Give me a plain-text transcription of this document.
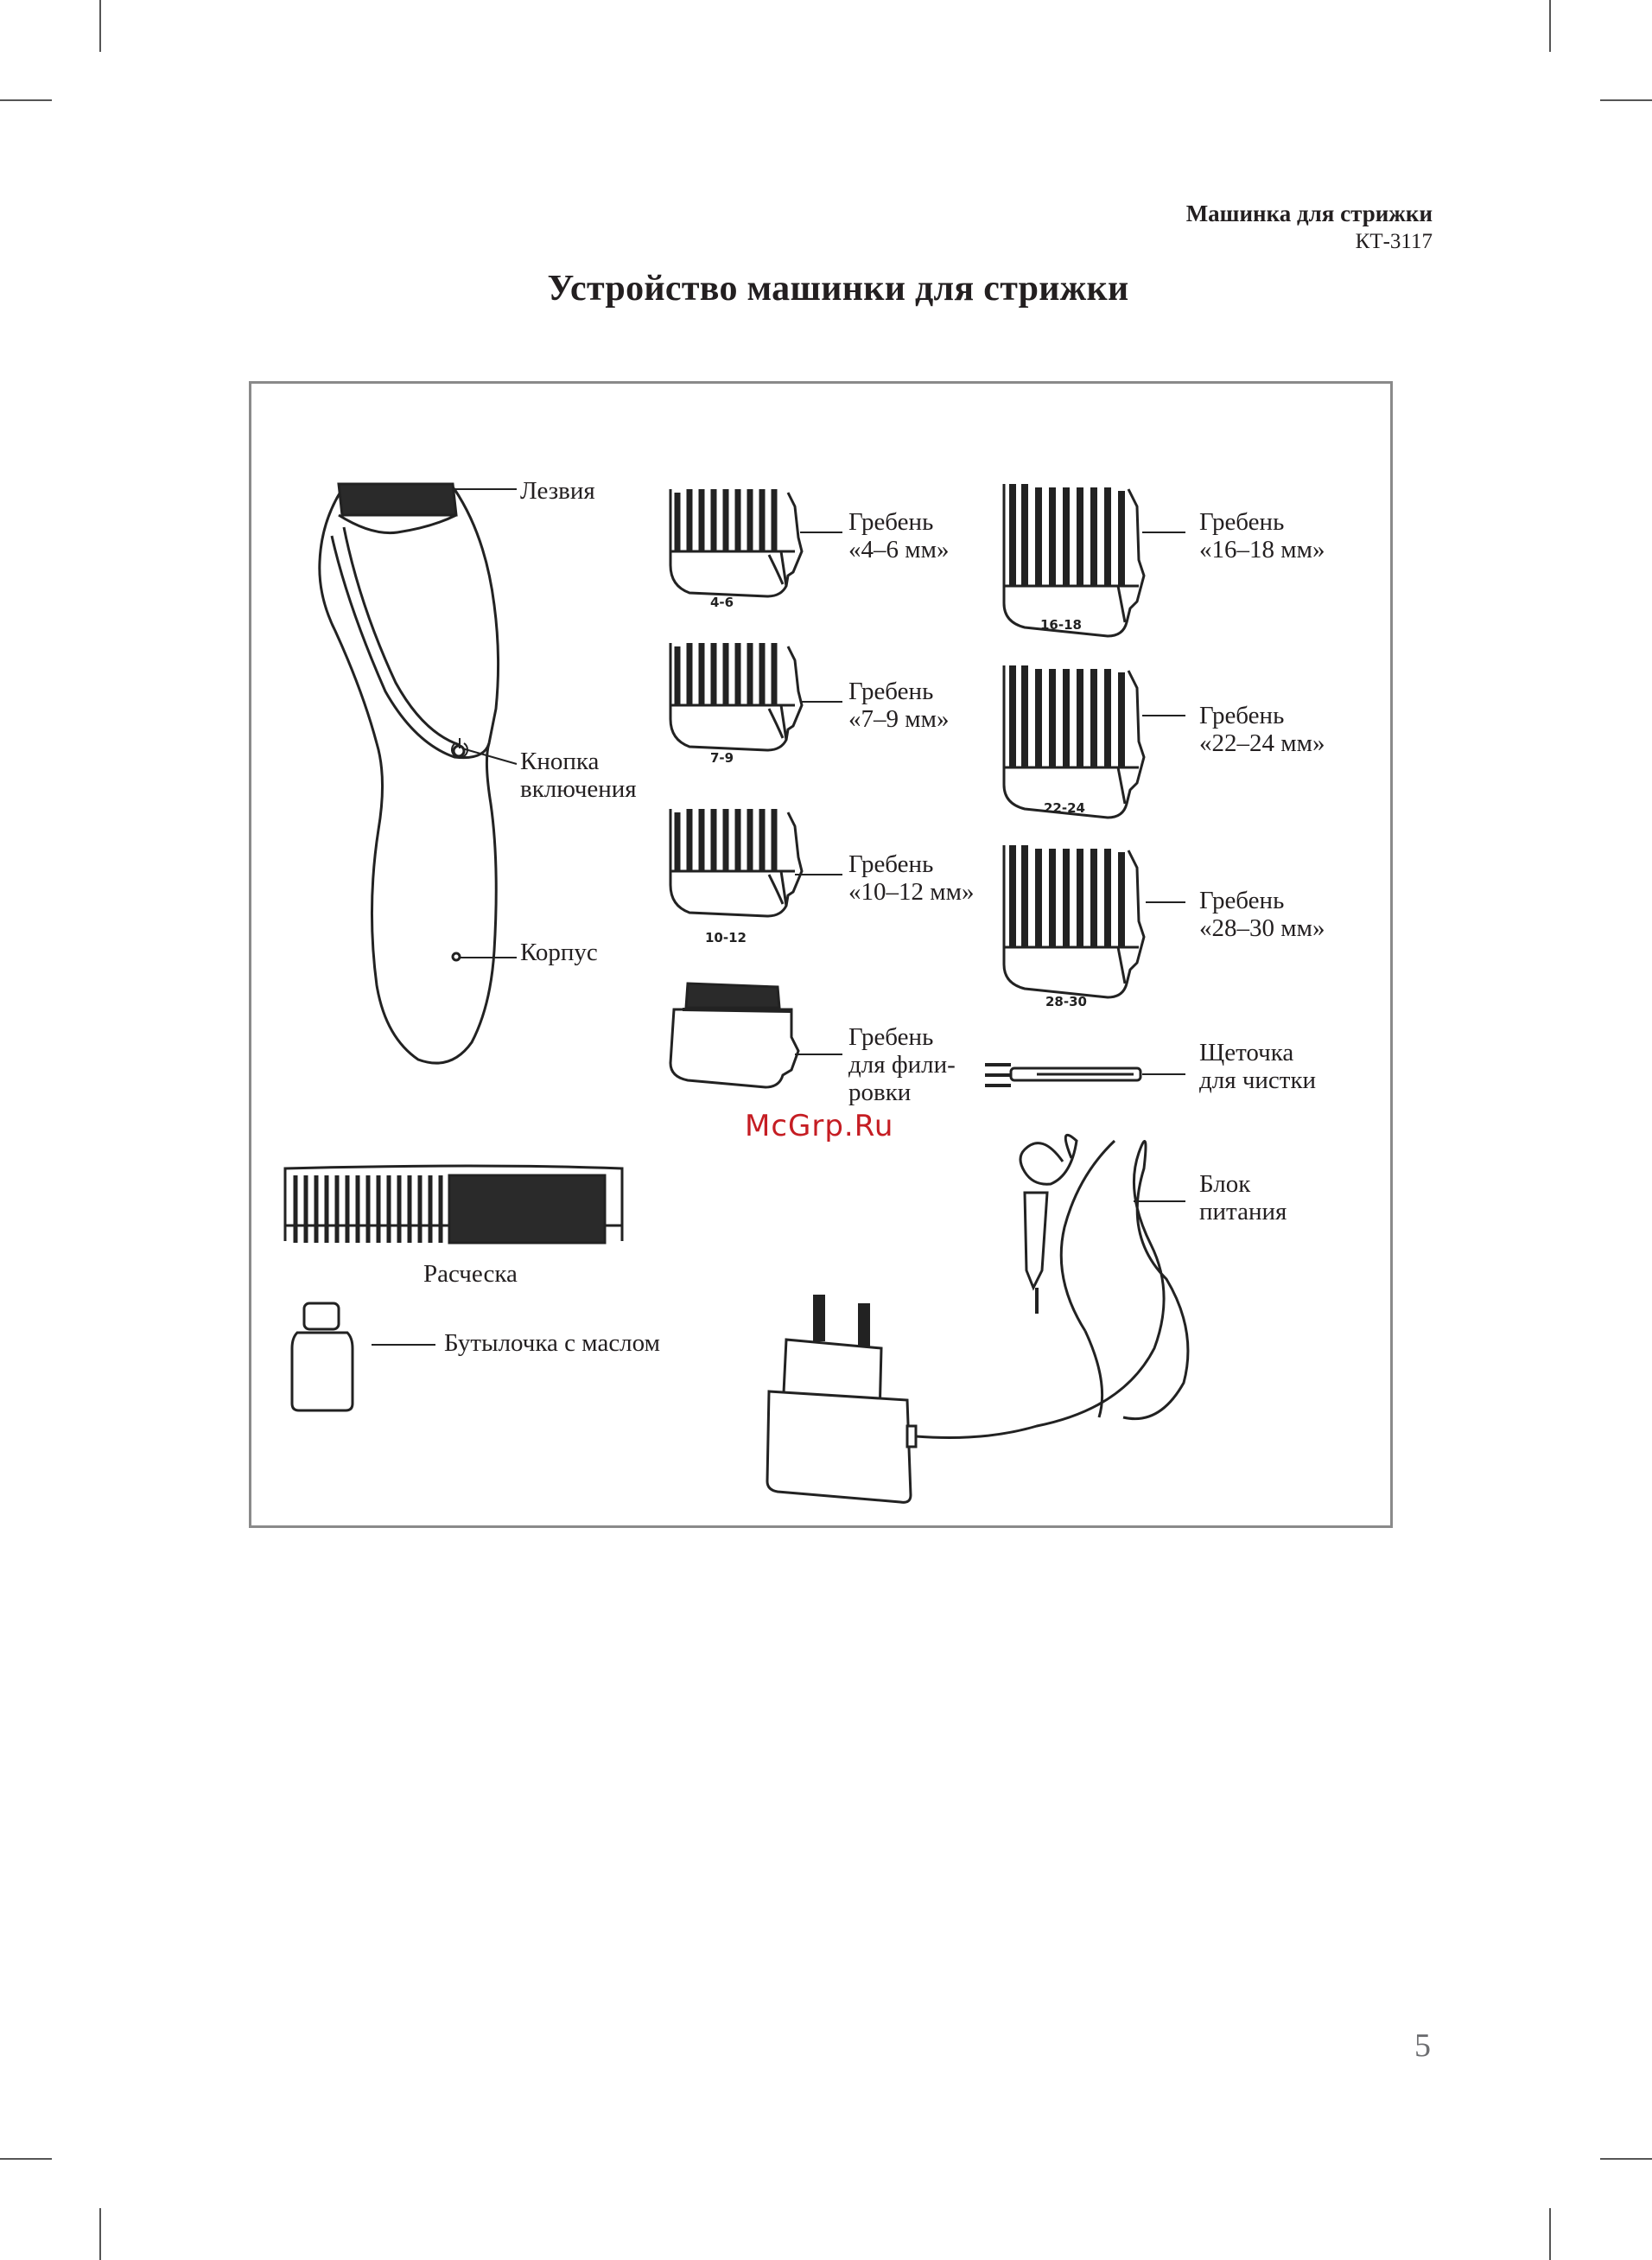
Машинка для стрижки
КТ-3117
Устройство машинки для стрижки
4-6
7-9
10-12
16-18
22-24
28-30
Лезвия
Кнопка
включения
Корпус
Гребень
«4–6 мм»
Гребень
«7–9 мм»
Гребень
«10–12 мм»
Гребень
для фили-
ровки
Гребень
«16–18 мм»
Гребень
«22–24 мм»
Гребень
«28–30 мм»
Щеточка
для чистки
Блок
питания
Расческа
Бутылочка с маслом
McGrp.Ru
5
